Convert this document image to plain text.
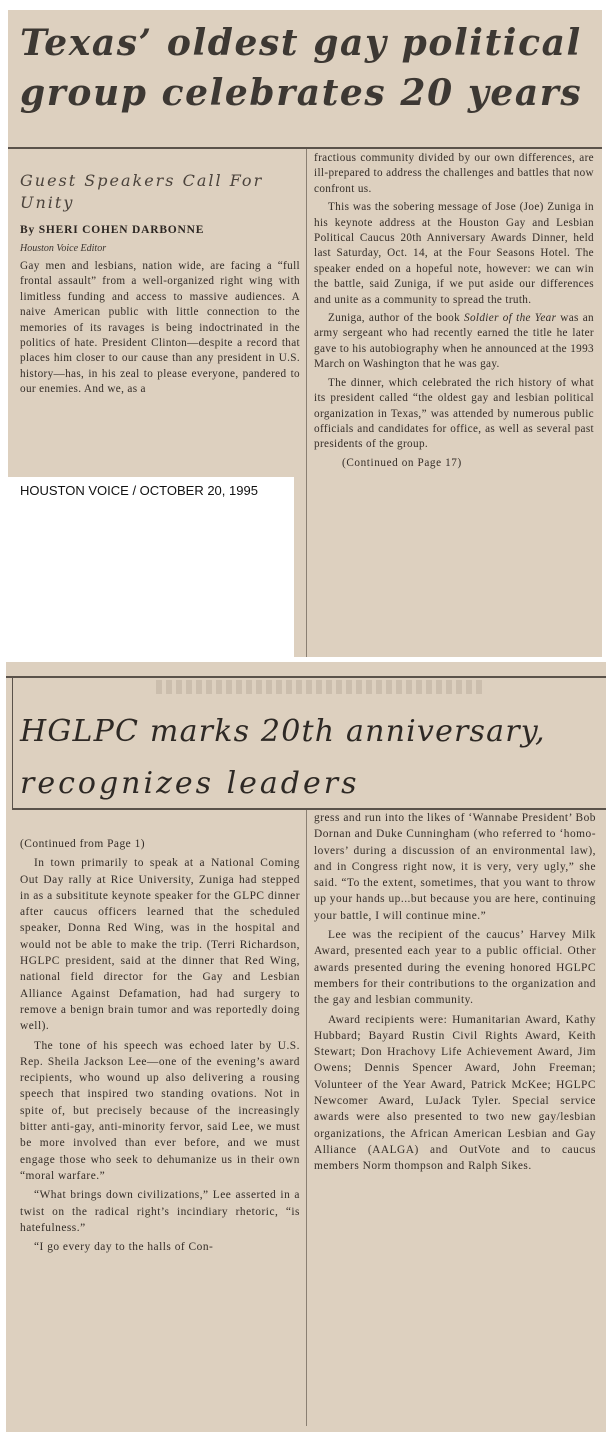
Texas’ oldest gay political
group celebrates 20 years
Guest Speakers Call For
Unity
By SHERI COHEN DARBONNE
Houston Voice Editor

Gay men and lesbians, nation wide, are facing a “full frontal assault” from a well-organized right wing with limitless funding and access to massive audiences. A naive American public with little connection to the memories of its ravages is being indoctrinated in the politics of hate. President Clinton—despite a record that places him closer to our cause than any president in U.S. history—has, in his zeal to please everyone, pandered to our enemies. And we, as a

fractious community divided by our own differences, are ill-prepared to address the challenges and battles that now confront us.

This was the sobering message of Jose (Joe) Zuniga in his keynote address at the Houston Gay and Lesbian Political Caucus 20th Anniversary Awards Dinner, held last Saturday, Oct. 14, at the Four Seasons Hotel. The speaker ended on a hopeful note, however: we can win the battle, said Zuniga, if we put aside our differences and unite as a community to spread the truth.

Zuniga, author of the book Soldier of the Year was an army sergeant who had recently earned the title he later gave to his autobiography when he announced at the 1993 March on Washington that he was gay.

The dinner, which celebrated the rich history of what its president called “the oldest gay and lesbian political organization in Texas,” was attended by numerous public officials and candidates for office, as well as several past presidents of the group.

(Continued on Page 17)

HOUSTON VOICE / OCTOBER 20, 1995
HGLPC marks 20th anniversary,
recognizes leaders

(Continued from Page 1)

In town primarily to speak at a National Coming Out Day rally at Rice University, Zuniga had stepped in as a subsititute keynote speaker for the GLPC dinner after caucus officers learned that the scheduled speaker, Donna Red Wing, was in the hospital and would not be able to make the trip. (Terri Richardson, HGLPC president, said at the dinner that Red Wing, national field director for the Gay and Lesbian Alliance Against Defamation, had had surgery to remove a benign brain tumor and was reportedly doing well).

The tone of his speech was echoed later by U.S. Rep. Sheila Jackson Lee—one of the evening’s award recipients, who wound up also delivering a rousing speech that inspired two standing ovations. Not in spite of, but precisely because of the increasingly bitter anti-gay, anti-minority fervor, said Lee, we must be more involved than ever before, and we must engage those who seek to dehumanize us in their own “moral warfare.”

“What brings down civilizations,” Lee asserted in a twist on the radical right’s incindiary rhetoric, “is hatefulness.”

“I go every day to the halls of Con-

gress and run into the likes of ‘Wannabe President’ Bob Dornan and Duke Cunningham (who referred to ‘homo-lovers’ during a discussion of an environmental law), and in Congress right now, it is very, very ugly,” she said. “To the extent, sometimes, that you want to throw up your hands up...but because you are here, continuing your battle, I will continue mine.”

Lee was the recipient of the caucus’ Harvey Milk Award, presented each year to a public official. Other awards presented during the evening honored HGLPC members for their contributions to the organization and the gay and lesbian community.

Award recipients were: Humanitarian Award, Kathy Hubbard; Bayard Rustin Civil Rights Award, Keith Stewart; Don Hrachovy Life Achievement Award, Jim Owens; Dennis Spencer Award, John Freeman; Volunteer of the Year Award, Patrick McKee; HGLPC Newcomer Award, LuJack Tyler. Special service awards were also presented to two new gay/lesbian organizations, the African American Lesbian and Gay Alliance (AALGA) and OutVote and to caucus members Norm thompson and Ralph Sikes.
